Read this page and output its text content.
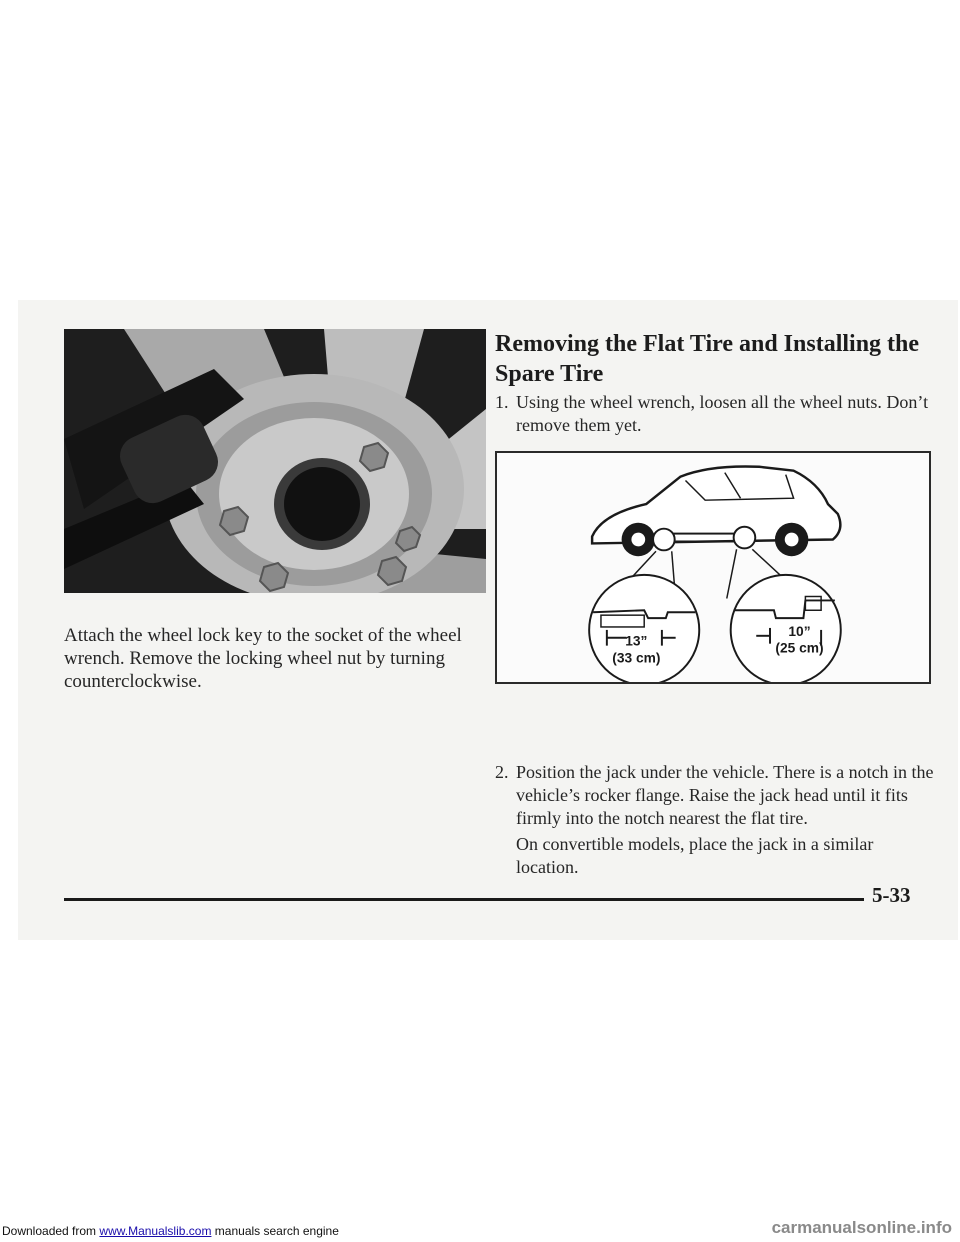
Attach the wheel lock key to the socket of the wheel wrench. Remove the locking wheel nut by turning counterclockwise.
Removing the Flat Tire and Installing the Spare Tire
1. Using the wheel wrench, loosen all the wheel nuts. Don’t remove them yet.
13”
(33 cm)
10”
(25 cm)
2. Position the jack under the vehicle. There is a notch in the vehicle’s rocker flange. Raise the jack head until it fits firmly into the notch nearest the flat tire.
On convertible models, place the jack in a similar location.
5-33
Downloaded from www.Manualslib.com manuals search engine	carmanualsonline.info
